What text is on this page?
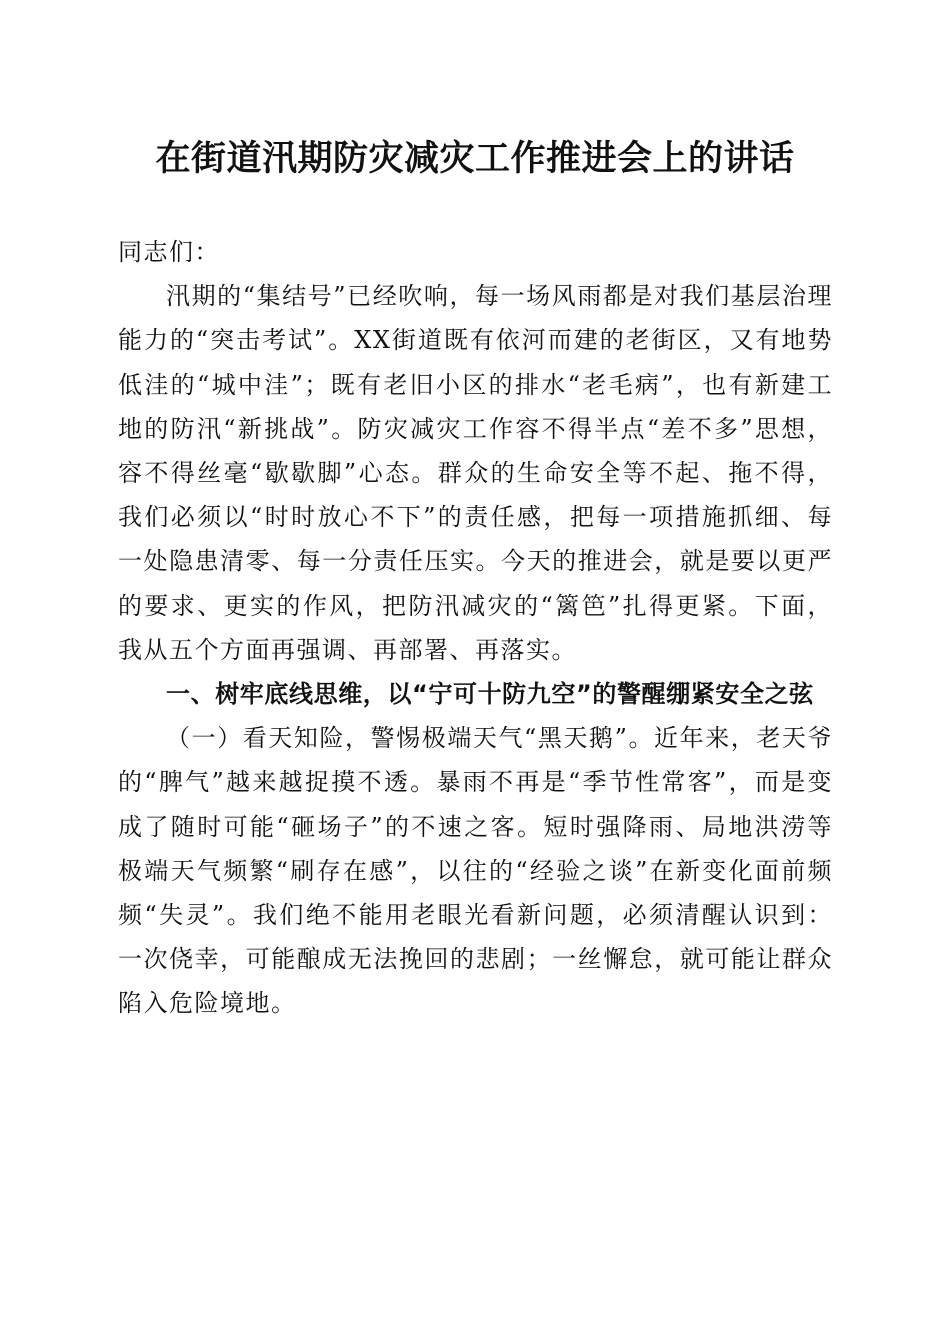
在街道汛期防灾减灾工作推进会上的讲话

同志们：

汛期的“集结号”已经吹响，每一场风雨都是对我们基层治理能力的“突击考试”。XX街道既有依河而建的老街区，又有地势低洼的“城中洼”；既有老旧小区的排水“老毛病”，也有新建工地的防汛“新挑战”。防灾减灾工作容不得半点“差不多”思想，容不得丝毫“歇歇脚”心态。群众的生命安全等不起、拖不得，我们必须以“时时放心不下”的责任感，把每一项措施抓细、每一处隐患清零、每一分责任压实。今天的推进会，就是要以更严的要求、更实的作风，把防汛减灾的“篱笆”扎得更紧。下面，我从五个方面再强调、再部署、再落实。

一、树牢底线思维，以“宁可十防九空”的警醒绷紧安全之弦

（一）看天知险，警惕极端天气“黑天鹅”。近年来，老天爷的“脾气”越来越捉摸不透。暴雨不再是“季节性常客”，而是变成了随时可能“砸场子”的不速之客。短时强降雨、局地洪涝等极端天气频繁“刷存在感”，以往的“经验之谈”在新变化面前频频“失灵”。我们绝不能用老眼光看新问题，必须清醒认识到：一次侥幸，可能酿成无法挽回的悲剧；一丝懈怠，就可能让群众陷入危险境地。
